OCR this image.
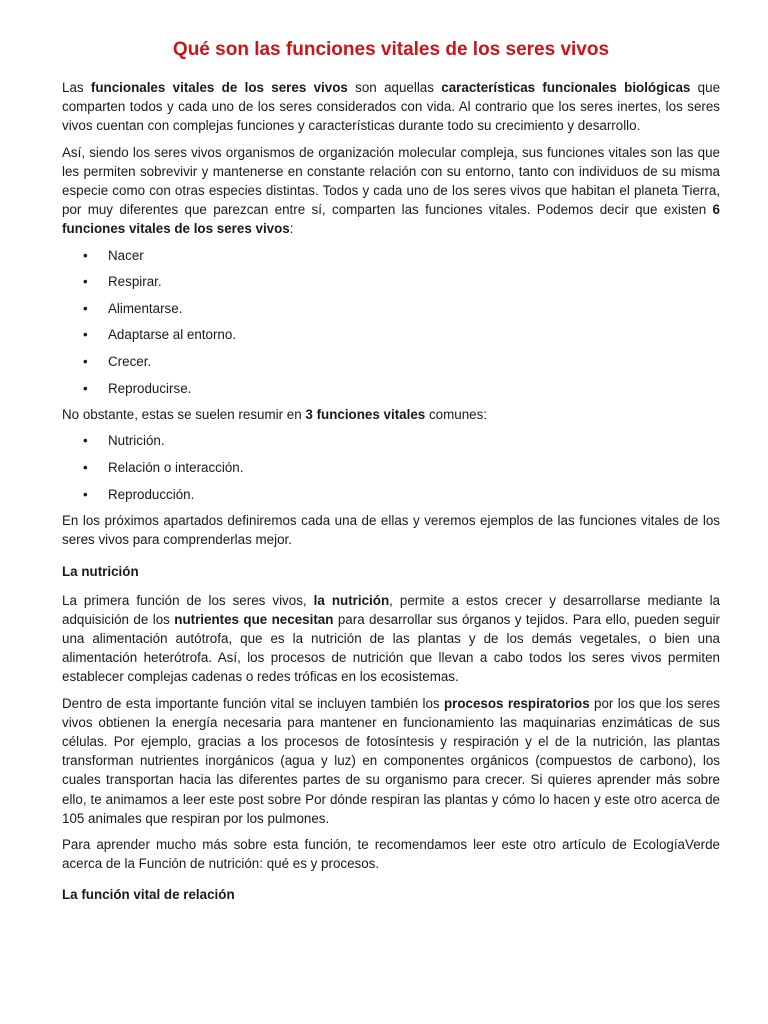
Qué son las funciones vitales de los seres vivos

Las funcionales vitales de los seres vivos son aquellas características funcionales biológicas que comparten todos y cada uno de los seres considerados con vida. Al contrario que los seres inertes, los seres vivos cuentan con complejas funciones y características durante todo su crecimiento y desarrollo.

Así, siendo los seres vivos organismos de organización molecular compleja, sus funciones vitales son las que les permiten sobrevivir y mantenerse en constante relación con su entorno, tanto con individuos de su misma especie como con otras especies distintas. Todos y cada uno de los seres vivos que habitan el planeta Tierra, por muy diferentes que parezcan entre sí, comparten las funciones vitales. Podemos decir que existen 6 funciones vitales de los seres vivos:

• Nacer
• Respirar.
• Alimentarse.
• Adaptarse al entorno.
• Crecer.
• Reproducirse.

No obstante, estas se suelen resumir en 3 funciones vitales comunes:

• Nutrición.
• Relación o interacción.
• Reproducción.

En los próximos apartados definiremos cada una de ellas y veremos ejemplos de las funciones vitales de los seres vivos para comprenderlas mejor.

La nutrición

La primera función de los seres vivos, la nutrición, permite a estos crecer y desarrollarse mediante la adquisición de los nutrientes que necesitan para desarrollar sus órganos y tejidos. Para ello, pueden seguir una alimentación autótrofa, que es la nutrición de las plantas y de los demás vegetales, o bien una alimentación heterótrofa. Así, los procesos de nutrición que llevan a cabo todos los seres vivos permiten establecer complejas cadenas o redes tróficas en los ecosistemas.

Dentro de esta importante función vital se incluyen también los procesos respiratorios por los que los seres vivos obtienen la energía necesaria para mantener en funcionamiento las maquinarias enzimáticas de sus células. Por ejemplo, gracias a los procesos de fotosíntesis y respiración y el de la nutrición, las plantas transforman nutrientes inorgánicos (agua y luz) en componentes orgánicos (compuestos de carbono), los cuales transportan hacia las diferentes partes de su organismo para crecer. Si quieres aprender más sobre ello, te animamos a leer este post sobre Por dónde respiran las plantas y cómo lo hacen y este otro acerca de 105 animales que respiran por los pulmones.

Para aprender mucho más sobre esta función, te recomendamos leer este otro artículo de EcologíaVerde acerca de la Función de nutrición: qué es y procesos.

La función vital de relación
